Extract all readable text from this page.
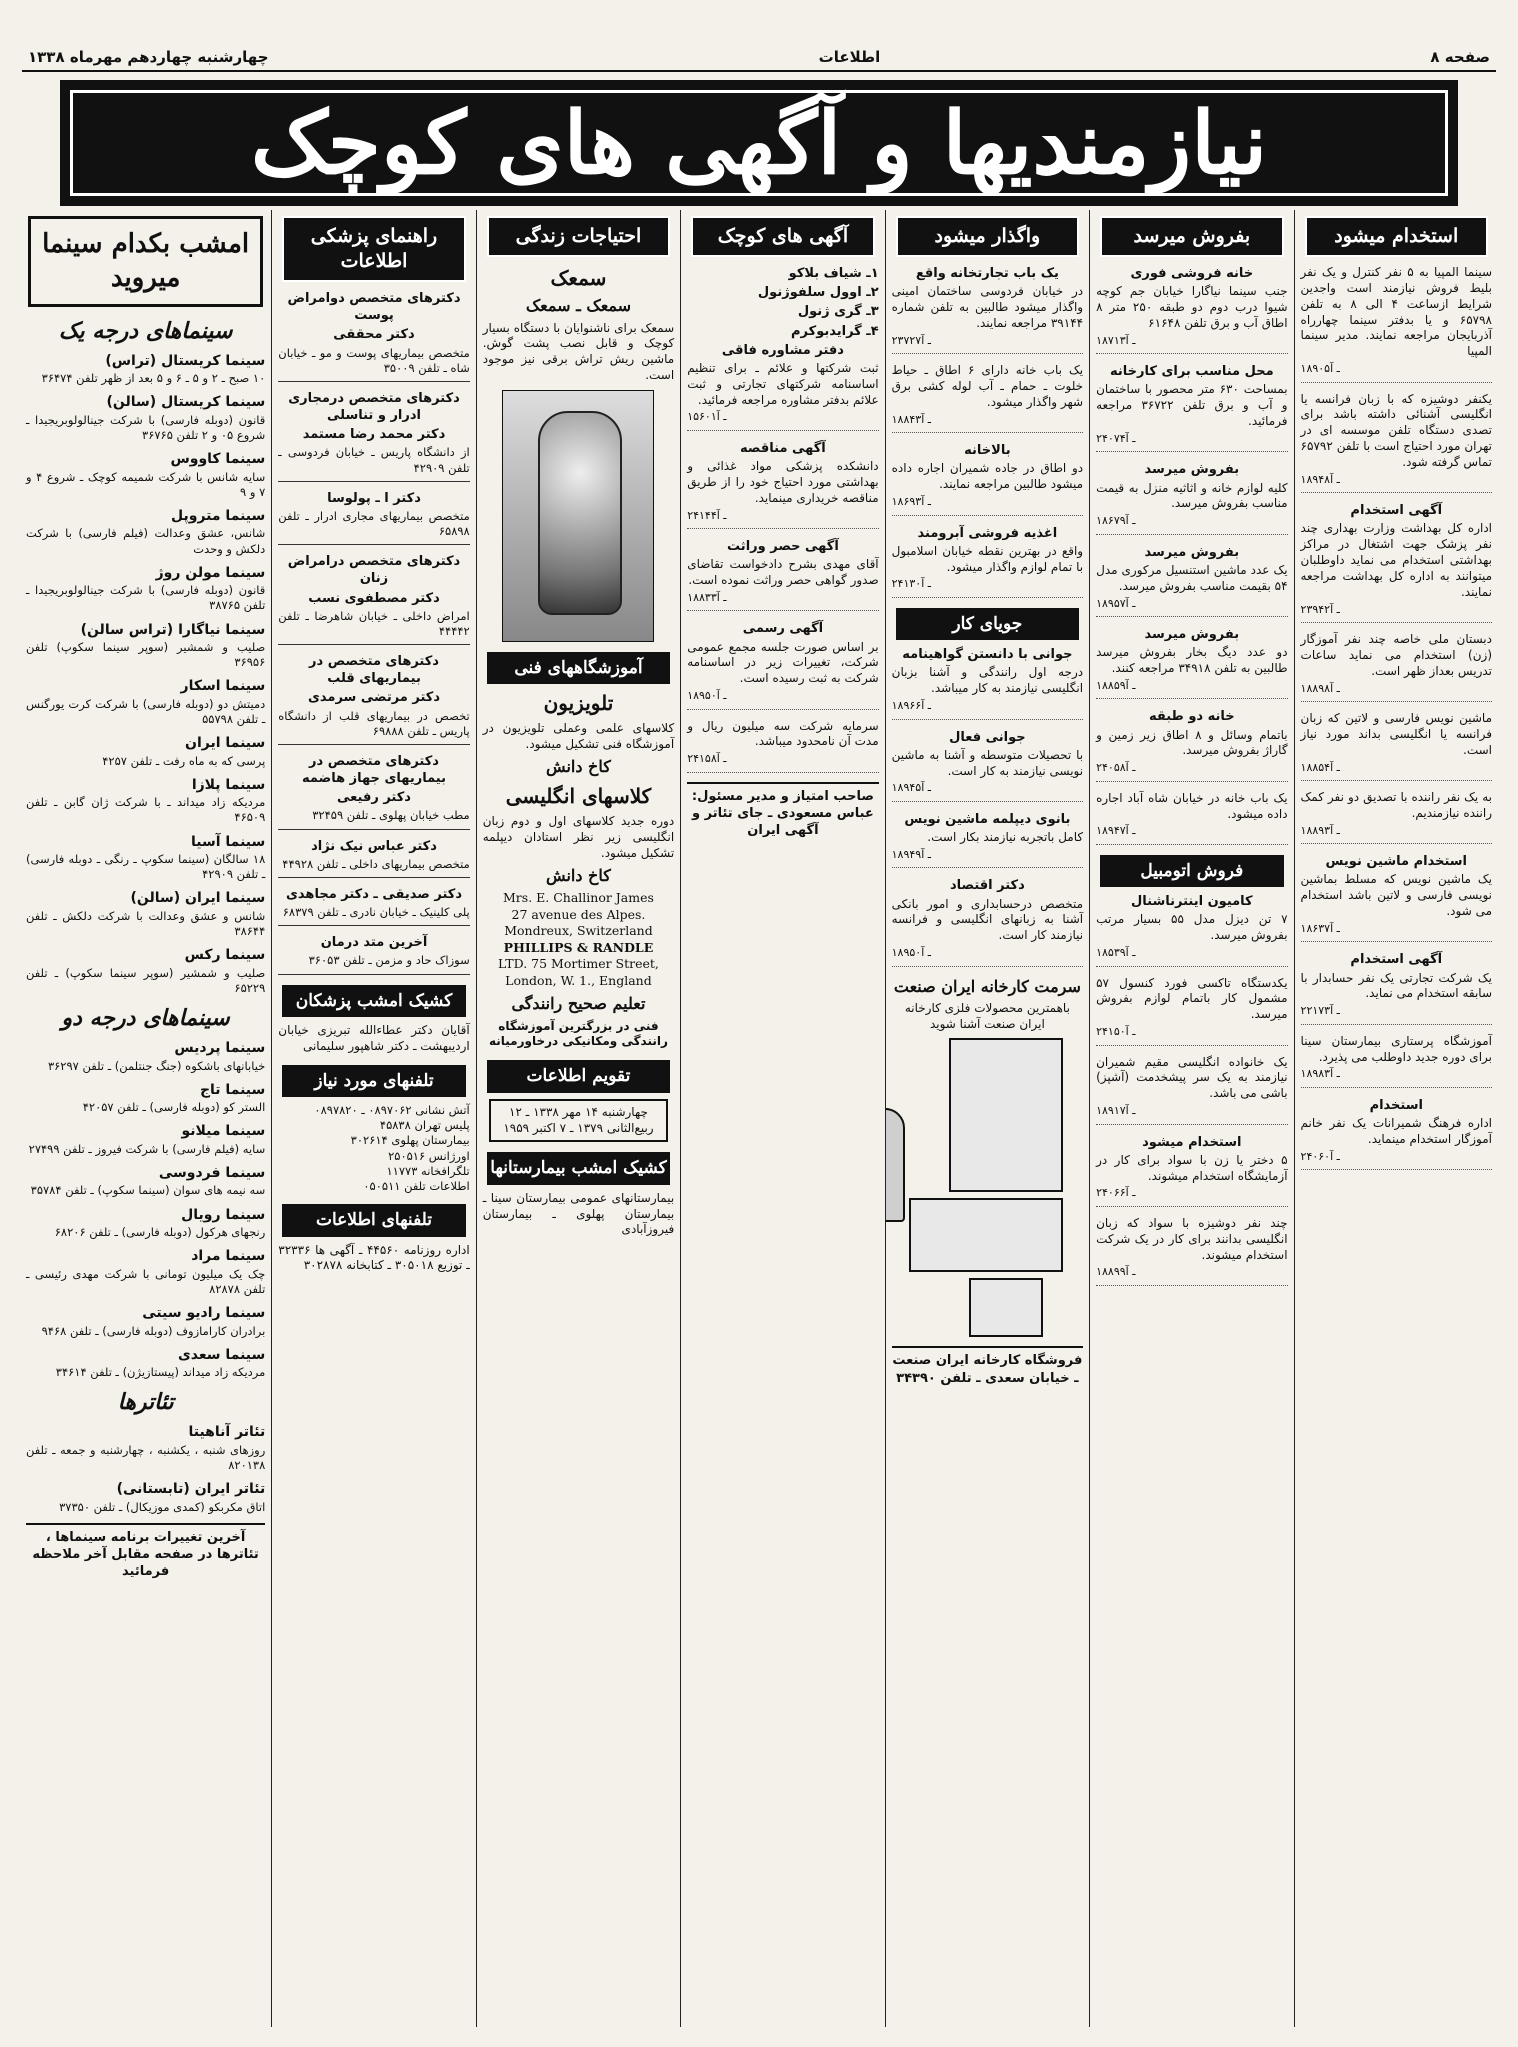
صفحه ۸
اطلاعات
چهارشنبه چهاردهم مهرماه ۱۳۳۸
نیازمندیها و آگهی های کوچک
استخدام میشود
سینما المپیا به ۵ نفر کنترل و یک نفر بلیط فروش نیازمند است واجدین شرایط ازساعت ۴ الی ۸ به تلفن ۶۵۷۹۸ و یا بدفتر سینما چهارراه آذربایجان مراجعه نمایند. مدیر سینما المپیا
۱۸۹۰۵ـ آ
یکنفر دوشیزه که با زبان فرانسه یا انگلیسی آشنائی داشته باشد برای تصدی دستگاه تلفن موسسه ای در تهران مورد احتیاج است با تلفن ۶۵۷۹۲ تماس گرفته شود.
۱۸۹۴۸ـ آ
آگهی استخدام
اداره کل بهداشت وزارت بهداری چند نفر پزشک جهت اشتغال در مراکز بهداشتی استخدام می نماید داوطلبان میتوانند به اداره کل بهداشت مراجعه نمایند.
۲۳۹۴۲ـ آ
دبستان ملی خاصه چند نفر آموزگار (زن) استخدام می نماید ساعات تدریس بعداز ظهر است.
۱۸۸۹۸ـ آ
ماشین نویس فارسی و لاتین که زبان فرانسه یا انگلیسی بداند مورد نیاز است.
۱۸۸۵۴ـ آ
به یک نفر راننده با تصدیق دو نفر کمک راننده نیازمندیم.
۱۸۸۹۳ـ آ
استخدام ماشین نویس
یک ماشین نویس که مسلط بماشین نویسی فارسی و لاتین باشد استخدام می شود.
۱۸۶۳۷ـ آ
آگهی استخدام
یک شرکت تجارتی یک نفر حسابدار با سابقه استخدام می نماید.
۲۲۱۷۳ـ آ
آموزشگاه پرستاری بیمارستان سینا برای دوره جدید داوطلب می پذیرد.
۱۸۹۸۳ـ آ
استخدام
اداره فرهنگ شمیرانات یک نفر خانم آموزگار استخدام مینماید.
۲۴۰۶۰ـ آ
بفروش میرسد
خانه فروشی فوری
جنب سینما نیاگارا خیابان جم کوچه شیوا درب دوم دو طبقه ۲۵۰ متر ۸ اطاق آب و برق تلفن ۶۱۶۴۸
۱۸۷۱۳ـ آ
محل مناسب برای کارخانه
بمساحت ۶۳۰ متر محصور با ساختمان و آب و برق تلفن ۳۶۷۲۲ مراجعه فرمائید.
۲۴۰۷۴ـ آ
بفروش میرسد
کلیه لوازم خانه و اثاثیه منزل به قیمت مناسب بفروش میرسد.
۱۸۶۷۹ـ آ
بفروش میرسد
یک عدد ماشین استنسیل مرکوری مدل ۵۴ بقیمت مناسب بفروش میرسد.
۱۸۹۵۷ـ آ
بفروش میرسد
دو عدد دیگ بخار بفروش میرسد طالبین به تلفن ۳۴۹۱۸ مراجعه کنند.
۱۸۸۵۹ـ آ
خانه دو طبقه
باتمام وسائل و ۸ اطاق زیر زمین و گاراژ بفروش میرسد.
۲۴۰۵۸ـ آ
یک باب خانه در خیابان شاه آباد اجاره داده میشود.
۱۸۹۴۷ـ آ
فروش اتومبیل
کامیون اینترناشنال
۷ تن دیزل مدل ۵۵ بسیار مرتب بفروش میرسد.
۱۸۵۳۹ـ آ
یکدستگاه تاکسی فورد کنسول ۵۷ مشمول کار باتمام لوازم بفروش میرسد.
۲۴۱۵۰ـ آ
یک خانواده انگلیسی مقیم شمیران نیازمند به یک سر پیشخدمت (آشپز) باشی می باشد.
۱۸۹۱۷ـ آ
استخدام میشود
۵ دختر یا زن با سواد برای کار در آزمایشگاه استخدام میشوند.
۲۴۰۶۶ـ آ
چند نفر دوشیزه با سواد که زبان انگلیسی بدانند برای کار در یک شرکت استخدام میشوند.
۱۸۸۹۹ـ آ
واگذار میشود
یک باب تجارتخانه واقع
در خیابان فردوسی ساختمان امینی واگذار میشود طالبین به تلفن شماره ۳۹۱۴۴ مراجعه نمایند.
۲۳۷۲۷ـ آ
یک باب خانه دارای ۶ اطاق ـ حیاط خلوت ـ حمام ـ آب لوله کشی برق شهر واگذار میشود.
۱۸۸۴۳ـ آ
بالاخانه
دو اطاق در جاده شمیران اجاره داده میشود طالبین مراجعه نمایند.
۱۸۶۹۳ـ آ
اغذیه فروشی آبرومند
واقع در بهترین نقطه خیابان اسلامبول با تمام لوازم واگذار میشود.
۲۴۱۳۰ـ آ
جویای کار
جوانی با دانستن گواهینامه
درجه اول رانندگی و آشنا بزبان انگلیسی نیازمند به کار میباشد.
۱۸۹۶۶ـ آ
جوانی فعال
با تحصیلات متوسطه و آشنا به ماشین نویسی نیازمند به کار است.
۱۸۹۴۵ـ آ
بانوی دیپلمه ماشین نویس
کامل باتجربه نیازمند بکار است.
۱۸۹۴۹ـ آ
دکتر اقتصاد
متخصص درحسابداری و امور بانکی آشنا به زبانهای انگلیسی و فرانسه نیازمند کار است.
۱۸۹۵۰ـ آ
سرمت کارخانه ایران صنعت
باهمترین محصولات فلزی کارخانه ایران صنعت آشنا شوید
فروشگاه کارخانه ایران صنعت ـ خیابان سعدی ـ تلفن ۳۴۳۹۰
آگهی های کوچک
۱ـ شیاف بلاکو
۲ـ اوول سلفوژنول
۳ـ گری ژنول
۴ـ گرایدبوکرم
دفتر مشاوره فاقی
ثبت شرکتها و علائم ـ برای تنظیم اساسنامه شرکتهای تجارتی و ثبت علائم بدفتر مشاوره مراجعه فرمائید.
۱۵۶۰۱ـ آ
آگهی مناقصه
دانشکده پزشکی مواد غذائی و بهداشتی مورد احتیاج خود را از طریق مناقصه خریداری مینماید.
۲۴۱۴۴ـ آ
آگهی حصر وراثت
آقای مهدی بشرح دادخواست تقاضای صدور گواهی حصر وراثت نموده است.
۱۸۸۳۳ـ آ
آگهی رسمی
بر اساس صورت جلسه مجمع عمومی شرکت، تغییرات زیر در اساسنامه شرکت به ثبت رسیده است.
۱۸۹۵۰ـ آ
سرمایه شرکت سه میلیون ریال و مدت آن نامحدود میباشد.
۲۴۱۵۸ـ آ
صاحب امتیاز و مدیر مسئول: عباس مسعودی ـ جای تئاتر و آگهی ایران
احتیاجات زندگی
سمعک
سمعک ـ سمعک
سمعک برای ناشنوایان با دستگاه بسیار کوچک و قابل نصب پشت گوش. ماشین ریش تراش برقی نیز موجود است.
آموزشگاههای فنی
تلویزیون
کلاسهای علمی وعملی تلویزیون در آموزشگاه فنی تشکیل میشود.
کاخ دانش
کلاسهای انگلیسی
دوره جدید کلاسهای اول و دوم زبان انگلیسی زیر نظر استادان دیپلمه تشکیل میشود.
کاخ دانش
Mrs. E. Challinor James
27 avenue des Alpes.
Mondreux, Switzerland
PHILLIPS & RANDLE
LTD. 75 Mortimer Street,
London, W. 1., England
تعلیم صحیح رانندگی
فنی در بزرگترین آموزشگاه رانندگی ومکانیکی درخاورمیانه
تقویم اطلاعات
چهارشنبه ۱۴ مهر ۱۳۳۸ ـ ۱۲ ربیع‌الثانی ۱۳۷۹ ـ ۷ اکتبر ۱۹۵۹
کشیک امشب بیمارستانها
بیمارستانهای عمومی بیمارستان سینا ـ بیمارستان پهلوی ـ بیمارستان فیروزآبادی
راهنمای پزشکی اطلاعات
دکترهای متخصص دوامراض پوست
دکتر محققی
متخصص بیماریهای پوست و مو ـ خیابان شاه ـ تلفن ۳۵۰۰۹
دکترهای متخصص درمجاری ادرار و تناسلی
دکتر محمد رضا مستمد
از دانشگاه پاریس ـ خیابان فردوسی ـ تلفن ۴۲۹۰۹
دکتر ا ـ پولوسا
متخصص بیماریهای مجاری ادرار ـ تلفن ۶۵۸۹۸
دکترهای متخصص درامراض زنان
دکتر مصطفوی نسب
امراض داخلی ـ خیابان شاهرضا ـ تلفن ۴۴۴۴۲
دکترهای متخصص در بیماریهای قلب
دکتر مرتضی سرمدی
تخصص در بیماریهای قلب از دانشگاه پاریس ـ تلفن ۶۹۸۸۸
دکترهای متخصص در بیماریهای جهاز هاضمه
دکتر رفیعی
مطب خیابان پهلوی ـ تلفن ۳۲۴۵۹
دکتر عباس نیک نژاد
متخصص بیماریهای داخلی ـ تلفن ۴۴۹۲۸
دکتر صدیقی ـ دکتر مجاهدی
پلی کلینیک ـ خیابان نادری ـ تلفن ۶۸۳۷۹
آخرین متد درمان
سوزاک حاد و مزمن ـ تلفن ۳۶۰۵۳
کشیک امشب پزشکان
آقایان دکتر عطاءالله تبریزی خیابان اردیبهشت ـ دکتر شاهپور سلیمانی
تلفنهای مورد نیاز
آتش نشانی ۰۸۹۷۰۶۲ ـ ۰۸۹۷۸۲۰
پلیس تهران ۴۵۸۳۸
بیمارستان پهلوی ۳۰۲۶۱۴
اورژانس ۲۵۰۵۱۶
تلگرافخانه ۱۱۷۷۳
اطلاعات تلفن ۰۵۰۵۱۱
تلفنهای اطلاعات
اداره روزنامه ۴۴۵۶۰ ـ آگهی ها ۳۲۳۳۶ ـ توزیع ۳۰۵۰۱۸ ـ کتابخانه ۳۰۲۸۷۸
امشب بکدام سینما میروید
سینماهای درجه یک
سینما کریستال (تراس)
۱۰ صبح ـ ۲ و ۵ ـ ۶ و ۵ بعد از ظهر تلفن ۳۶۴۷۴
سینما کریستال (سالن)
قانون (دوبله فارسی) با شرکت جینالولوبریجیدا ـ شروع ۰۵ و ۲ تلفن ۳۶۷۶۵
سینما کاووس
سایه شانس با شرکت شمیمه کوچک ـ شروع ۴ و ۷ و ۹
سینما متروپل
شانس، عشق وعدالت (فیلم فارسی) با شرکت دلکش و وحدت
سینما مولن روژ
قانون (دوبله فارسی) با شرکت جینالولوبریجیدا ـ تلفن ۳۸۷۶۵
سینما نیاگارا (تراس سالن)
صلیب و شمشیر (سوپر سینما سکوپ) تلفن ۳۶۹۵۶
سینما اسکار
دمیتش دو (دوبله فارسی) با شرکت کرت یورگنس ـ تلفن ۵۵۷۹۸
سینما ایران
پرسی که به ماه رفت ـ تلفن ۴۲۵۷
سینما پلازا
مردیکه زاد میداند ـ با شرکت ژان گابن ـ تلفن ۴۶۵۰۹
سینما آسیا
۱۸ سالگان (سینما سکوپ ـ رنگی ـ دوبله فارسی) ـ تلفن ۴۲۹۰۹
سینما ایران (سالن)
شانس و عشق وعدالت با شرکت دلکش ـ تلفن ۳۸۶۴۴
سینما رکس
صلیب و شمشیر (سوپر سینما سکوپ) ـ تلفن ۶۵۲۲۹
سینماهای درجه دو
سینما پردیس
خیابانهای باشکوه (جنگ جنتلمن) ـ تلفن ۳۶۲۹۷
سینما تاج
الستر کو (دوبله فارسی) ـ تلفن ۴۲۰۵۷
سینما میلانو
سایه (فیلم فارسی) با شرکت فیروز ـ تلفن ۲۷۴۹۹
سینما فردوسی
سه نیمه های سوان (سینما سکوپ) ـ تلفن ۳۵۷۸۴
سینما رویال
رنجهای هرکول (دوبله فارسی) ـ تلفن ۶۸۲۰۶
سینما مراد
چک یک میلیون تومانی با شرکت مهدی رئیسی ـ تلفن ۸۲۸۷۸
سینما رادیو سیتی
برادران کارامازوف (دوبله فارسی) ـ تلفن ۹۴۶۸
سینما سعدی
مردیکه زاد میداند (پیستازیژن) ـ تلفن ۳۴۶۱۴
تئاترها
تئاتر آناهیتا
روزهای شنبه ، یکشنبه ، چهارشنبه و جمعه ـ تلفن ۸۲۰۱۳۸
تئاتر ایران (تابستانی)
اتاق مکربکو (کمدی موزیکال) ـ تلفن ۳۷۳۵۰
آخرین تغییرات برنامه سینماها ، تئاترها در صفحه مقابل آخر ملاحظه فرمائید
